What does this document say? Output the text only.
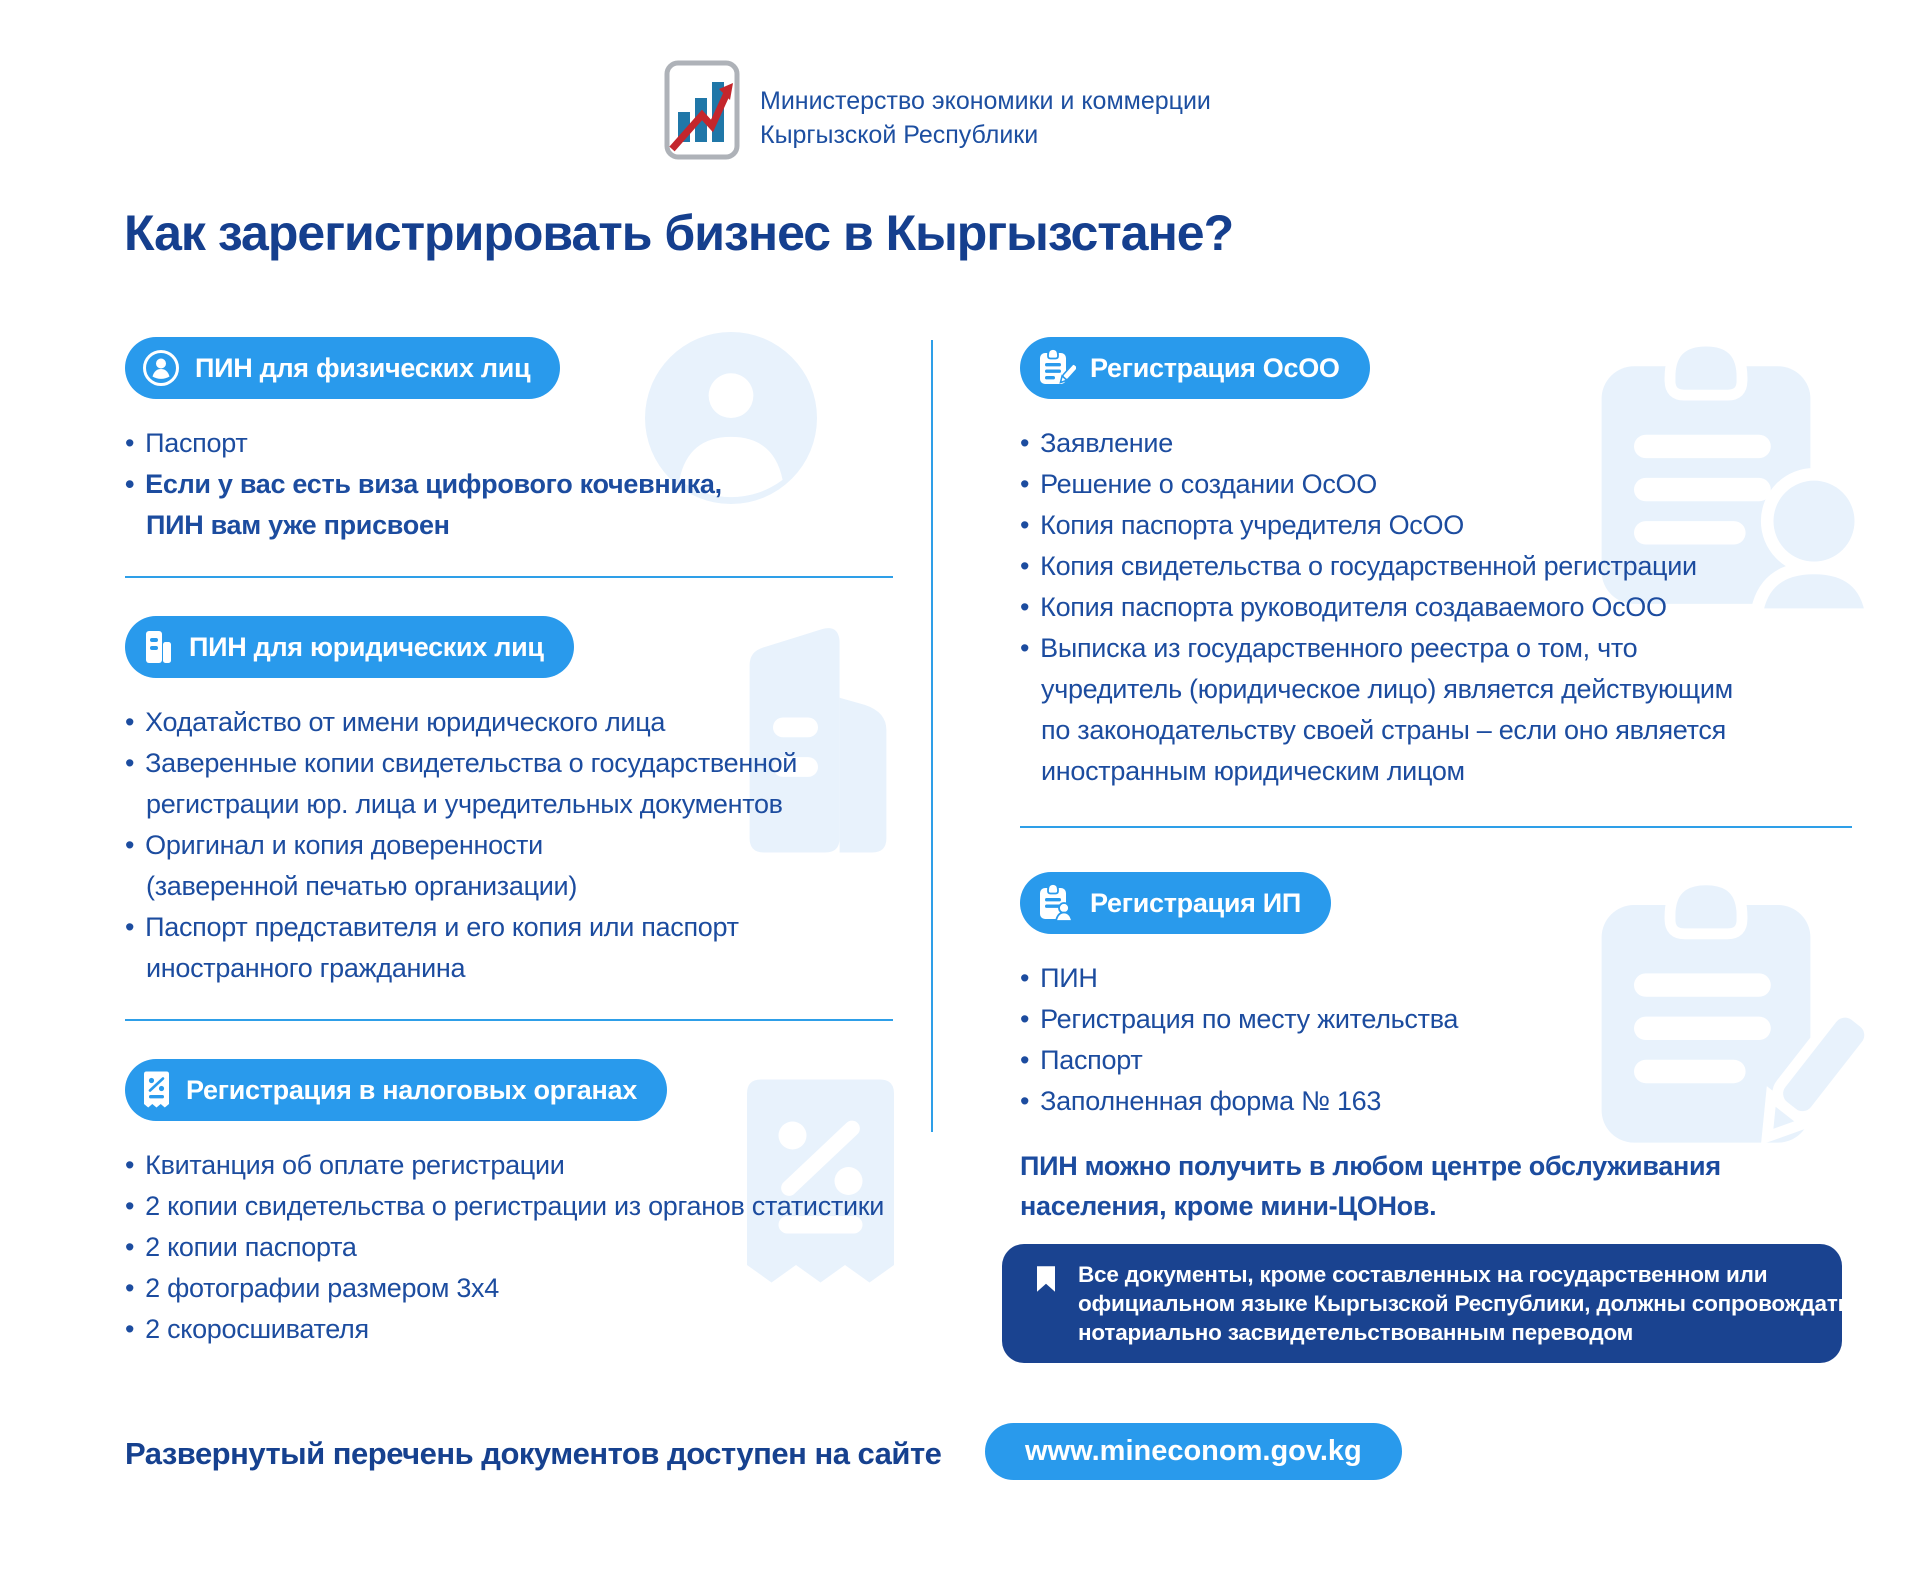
Министерство экономики и коммерции
Кыргызской Республики
Как зарегистрировать бизнес в Кыргызстане?
ПИН для физических лиц
• Паспорт
• Если у вас есть виза цифрового кочевника,
ПИН вам уже присвоен
ПИН для юридических лиц
• Ходатайство от имени юридического лица
• Заверенные копии свидетельства о государственной
регистрации юр. лица и учредительных документов
• Оригинал и копия доверенности
(заверенной печатью организации)
• Паспорт представителя и его копия или паспорт
иностранного гражданина
Регистрация в налоговых органах
• Квитанция об оплате регистрации
• 2 копии свидетельства о регистрации из органов статистики
• 2 копии паспорта
• 2 фотографии размером 3х4
• 2 скоросшивателя
Регистрация ОсОО
• Заявление
• Решение о создании ОсОО
• Копия паспорта учредителя ОсОО
• Копия свидетельства о государственной регистрации
• Копия паспорта руководителя создаваемого ОсОО
• Выписка из государственного реестра о том, что
учредитель (юридическое лицо) является действующим
по законодательству своей страны – если оно является
иностранным юридическим лицом
Регистрация ИП
• ПИН
• Регистрация по месту жительства
• Паспорт
• Заполненная форма № 163
ПИН можно получить в любом центре обслуживания
населения, кроме мини-ЦОНов.
Все документы, кроме составленных на государственном или
официальном языке Кыргызской Республики, должны сопровождаться
нотариально засвидетельствованным переводом
Развернутый перечень документов доступен на сайте	www.mineconom.gov.kg
